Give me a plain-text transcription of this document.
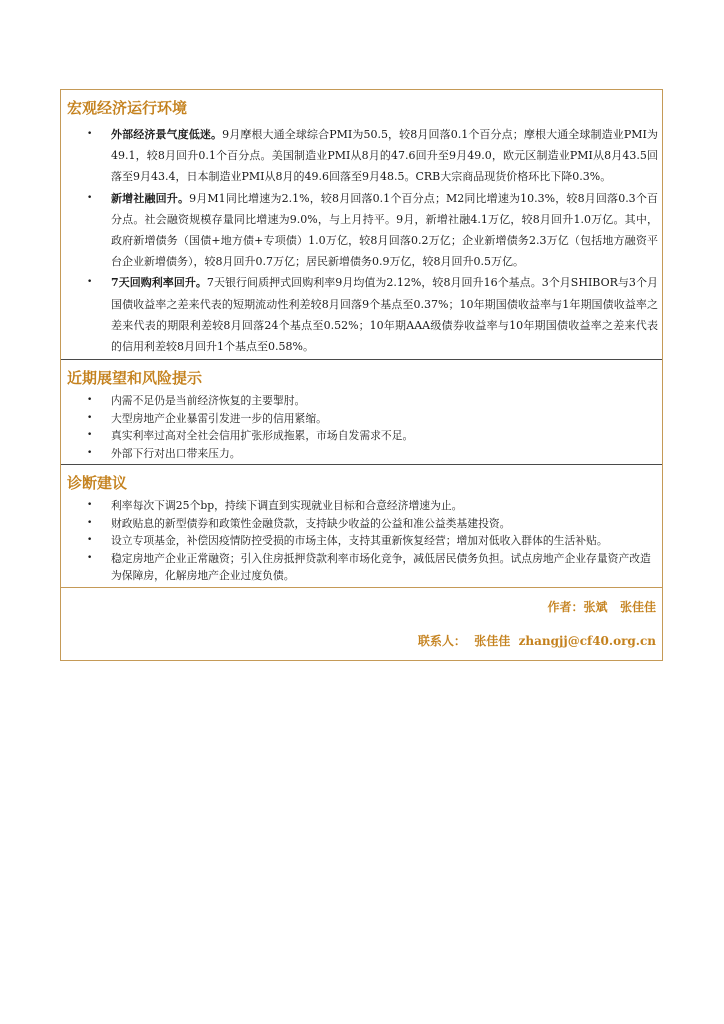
宏观经济运行环境
• 外部经济景气度低迷。9月摩根大通全球综合PMI为50.5，较8月回落0.1个百分点；摩根大通全球制造业PMI为49.1，较8月回升0.1个百分点。美国制造业PMI从8月的47.6回升至9月49.0，欧元区制造业PMI从8月43.5回落至9月43.4，日本制造业PMI从8月的49.6回落至9月48.5。CRB大宗商品现货价格环比下降0.3%。
• 新增社融回升。9月M1同比增速为2.1%，较8月回落0.1个百分点；M2同比增速为10.3%，较8月回落0.3个百分点。社会融资规模存量同比增速为9.0%，与上月持平。9月，新增社融4.1万亿，较8月回升1.0万亿。其中，政府新增债务（国债+地方债+专项债）1.0万亿，较8月回落0.2万亿；企业新增债务2.3万亿（包括地方融资平台企业新增债务），较8月回升0.7万亿；居民新增债务0.9万亿，较8月回升0.5万亿。
• 7天回购利率回升。7天银行间质押式回购利率9月均值为2.12%，较8月回升16个基点。3个月SHIBOR与3个月国债收益率之差来代表的短期流动性利差较8月回落9个基点至0.37%；10年期国债收益率与1年期国债收益率之差来代表的期限利差较8月回落24个基点至0.52%；10年期AAA级债券收益率与10年期国债收益率之差来代表的信用利差较8月回升1个基点至0.58%。
近期展望和风险提示
• 内需不足仍是当前经济恢复的主要掣肘。
• 大型房地产企业暴雷引发进一步的信用紧缩。
• 真实利率过高对全社会信用扩张形成拖累，市场自发需求不足。
• 外部下行对出口带来压力。
诊断建议
• 利率每次下调25个bp，持续下调直到实现就业目标和合意经济增速为止。
• 财政贴息的新型债券和政策性金融贷款，支持缺少收益的公益和准公益类基建投资。
• 设立专项基金，补偿因疫情防控受损的市场主体，支持其重新恢复经营；增加对低收入群体的生活补贴。
• 稳定房地产企业正常融资；引入住房抵押贷款利率市场化竞争，减低居民债务负担。试点房地产企业存量资产改造为保障房，化解房地产企业过度负债。
作者：张斌   张佳佳
联系人：  张佳佳  zhangjj@cf40.org.cn
